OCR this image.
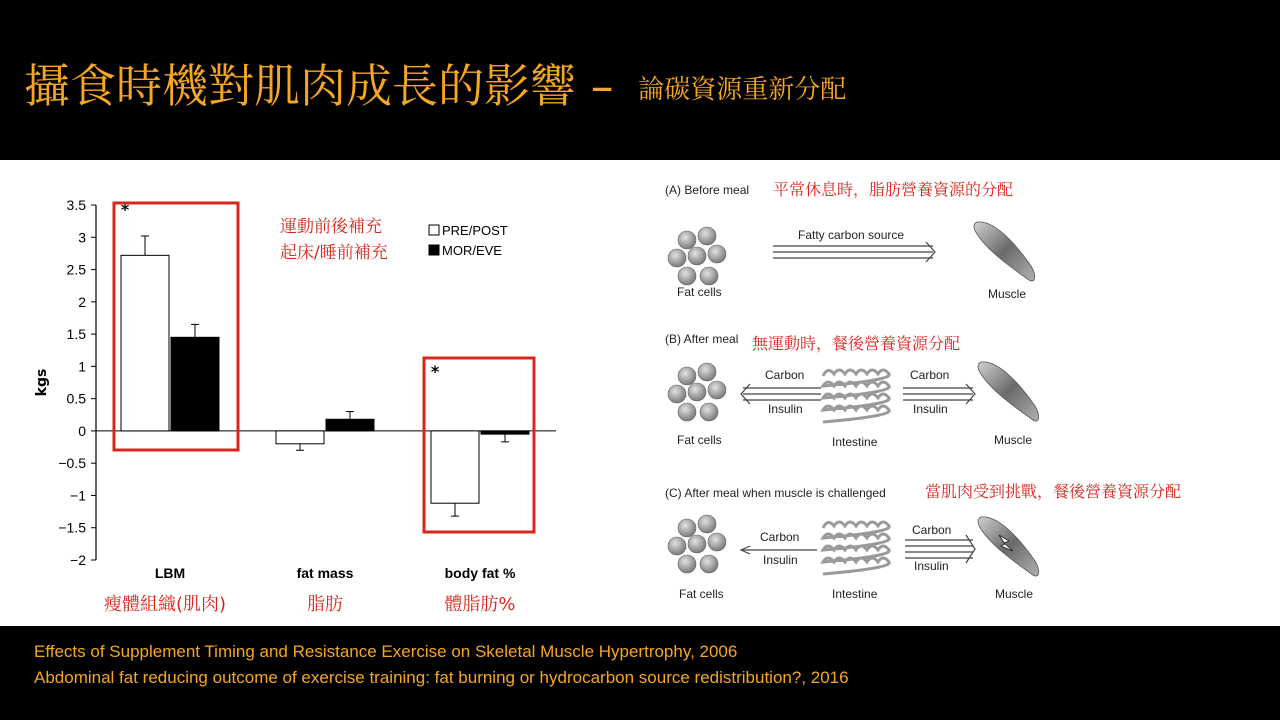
攝食時機對肌肉成長的影響 – 論碳資源重新分配
3.5
3
2.5
2
1.5
1
0.5
0
−0.5
−1
−1.5
−2
kgs
*
*
LBM
瘦體組織(肌肉)
fat mass
脂肪
body fat %
體脂肪%
PRE/POST
MOR/EVE
運動前後補充
起床/睡前補充
(A) Before meal
Fat cells
Fatty carbon source
Muscle
(B) After meal
Fat cells
Carbon
Insulin
Intestine
Carbon
Insulin
Muscle
(C) After meal when muscle is challenged
Fat cells
Carbon
Insulin
Intestine
Carbon
Insulin
Muscle
平常休息時，脂肪營養資源的分配
無運動時，餐後營養資源分配
當肌肉受到挑戰，餐後營養資源分配
Effects of Supplement Timing and Resistance Exercise on Skeletal Muscle Hypertrophy, 2006
Abdominal fat reducing outcome of exercise training: fat burning or hydrocarbon source redistribution?, 2016
